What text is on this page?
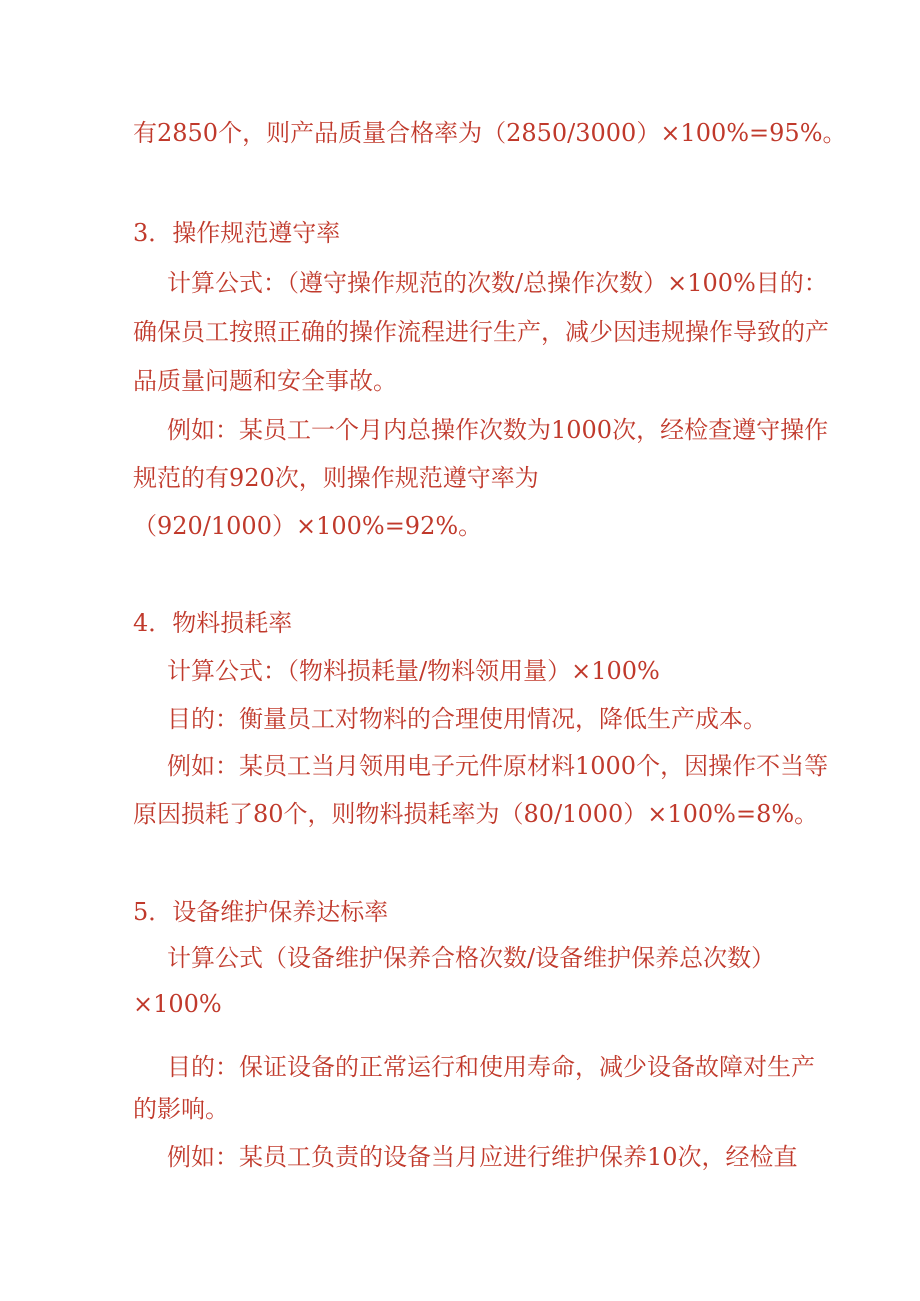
有2850个，则产品质量合格率为（2850/3000）×100%=95%。
3．操作规范遵守率
计算公式：（遵守操作规范的次数/总操作次数）×100%目的：
确保员工按照正确的操作流程进行生产，减少因违规操作导致的产
品质量问题和安全事故。
例如：某员工一个月内总操作次数为1000次，经检查遵守操作
规范的有920次，则操作规范遵守率为
（920/1000）×100%=92%。
4．物料损耗率
计算公式：（物料损耗量/物料领用量）×100%
目的：衡量员工对物料的合理使用情况，降低生产成本。
例如：某员工当月领用电子元件原材料1000个，因操作不当等
原因损耗了80个，则物料损耗率为（80/1000）×100%=8%。
5．设备维护保养达标率
计算公式（设备维护保养合格次数/设备维护保养总次数）
×100%
目的：保证设备的正常运行和使用寿命，减少设备故障对生产
的影响。
例如：某员工负责的设备当月应进行维护保养10次，经检直
